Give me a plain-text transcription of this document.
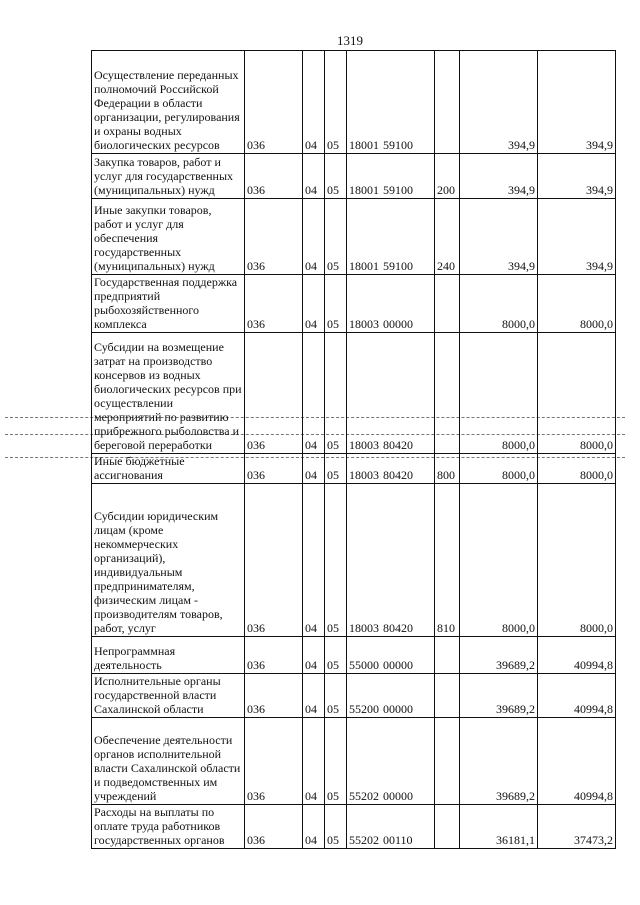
1319
Осуществление переданных полномочий Российской Федерации в области организации, регулирования и охраны водных биологических ресурсов	036	04	05	18001 59100		394,9	394,9
Закупка товаров, работ и услуг для государственных (муниципальных) нужд	036	04	05	18001 59100	200	394,9	394,9
Иные закупки товаров, работ и услуг для обеспечения государственных (муниципальных) нужд	036	04	05	18001 59100	240	394,9	394,9
Государственная поддержка предприятий рыбохозяйственного комплекса	036	04	05	18003 00000		8000,0	8000,0
Субсидии на возмещение затрат на производство консервов из водных биологических ресурсов при осуществлении мероприятий по развитию прибрежного рыболовства и береговой переработки	036	04	05	18003 80420		8000,0	8000,0
Иные бюджетные ассигнования	036	04	05	18003 80420	800	8000,0	8000,0
Субсидии юридическим лицам (кроме некоммерческих организаций), индивидуальным предпринимателям, физическим лицам - производителям товаров, работ, услуг	036	04	05	18003 80420	810	8000,0	8000,0
Непрограммная деятельность	036	04	05	55000 00000		39689,2	40994,8
Исполнительные органы государственной власти Сахалинской области	036	04	05	55200 00000		39689,2	40994,8
Обеспечение деятельности органов исполнительной власти Сахалинской области и подведомственных им учреждений	036	04	05	55202 00000		39689,2	40994,8
Расходы на выплаты по оплате труда работников государственных органов	036	04	05	55202 00110		36181,1	37473,2
